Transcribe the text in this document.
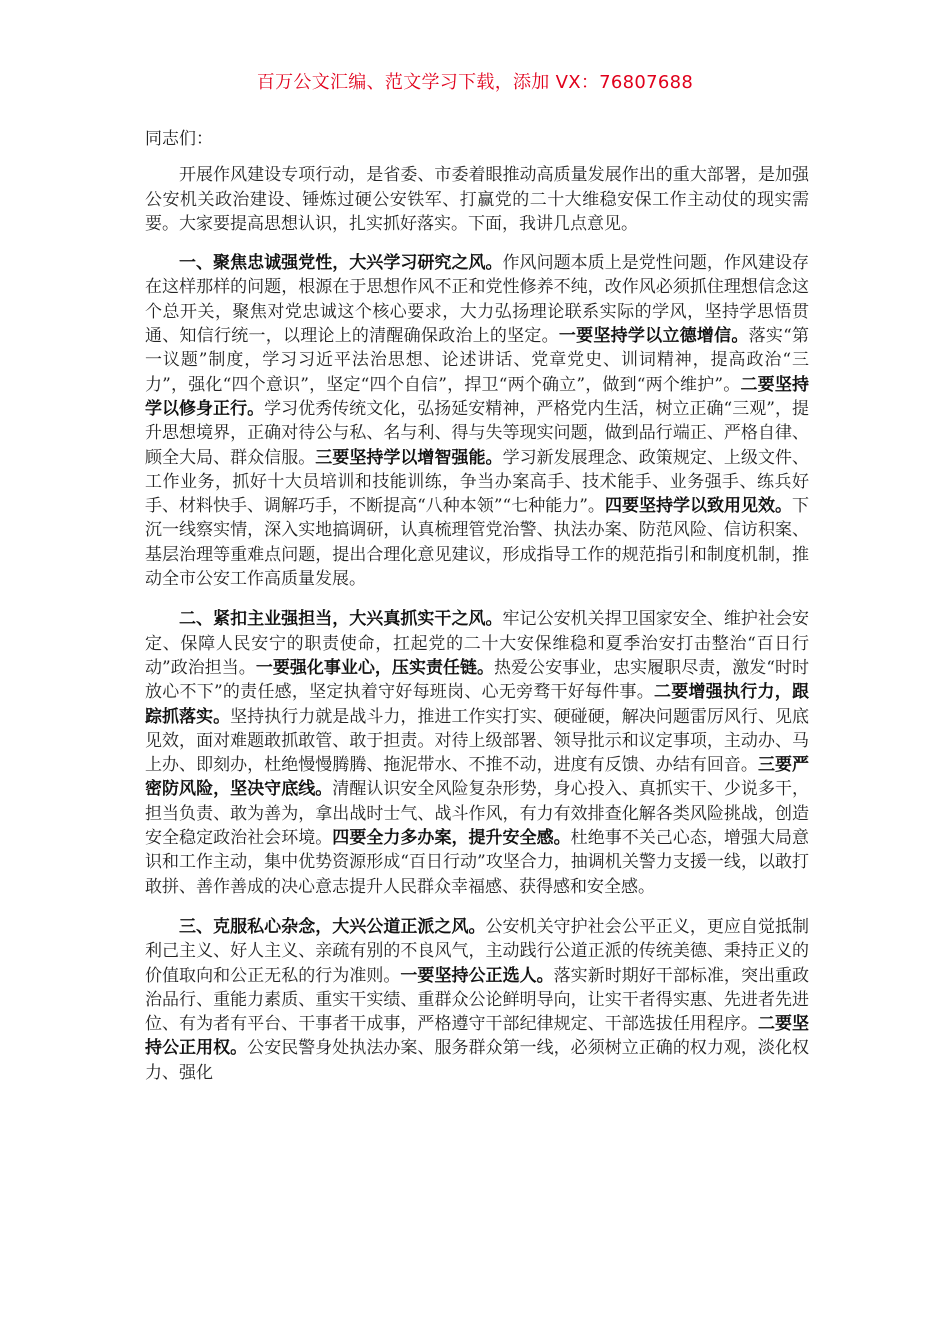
百万公文汇编、范文学习下载，添加 VX：76807688

同志们：

开展作风建设专项行动，是省委、市委着眼推动高质量发展作出的重大部署，是加强公安机关政治建设、锤炼过硬公安铁军、打赢党的二十大维稳安保工作主动仗的现实需要。大家要提高思想认识，扎实抓好落实。下面，我讲几点意见。

一、聚焦忠诚强党性，大兴学习研究之风。作风问题本质上是党性问题，作风建设存在这样那样的问题，根源在于思想作风不正和党性修养不纯，改作风必须抓住理想信念这个总开关，聚焦对党忠诚这个核心要求，大力弘扬理论联系实际的学风，坚持学思悟贯通、知信行统一，以理论上的清醒确保政治上的坚定。一要坚持学以立德增信。落实“第一议题”制度，学习习近平法治思想、论述讲话、党章党史、训词精神，提高政治“三力”，强化“四个意识”，坚定“四个自信”，捍卫“两个确立”，做到“两个维护”。二要坚持学以修身正行。学习优秀传统文化，弘扬延安精神，严格党内生活，树立正确“三观”，提升思想境界，正确对待公与私、名与利、得与失等现实问题，做到品行端正、严格自律、顾全大局、群众信服。三要坚持学以增智强能。学习新发展理念、政策规定、上级文件、工作业务，抓好十大员培训和技能训练，争当办案高手、技术能手、业务强手、练兵好手、材料快手、调解巧手，不断提高“八种本领”“七种能力”。四要坚持学以致用见效。下沉一线察实情，深入实地搞调研，认真梳理管党治警、执法办案、防范风险、信访积案、基层治理等重难点问题，提出合理化意见建议，形成指导工作的规范指引和制度机制，推动全市公安工作高质量发展。

二、紧扣主业强担当，大兴真抓实干之风。牢记公安机关捍卫国家安全、维护社会安定、保障人民安宁的职责使命，扛起党的二十大安保维稳和夏季治安打击整治“百日行动”政治担当。一要强化事业心，压实责任链。热爱公安事业，忠实履职尽责，激发“时时放心不下”的责任感，坚定执着守好每班岗、心无旁骛干好每件事。二要增强执行力，跟踪抓落实。坚持执行力就是战斗力，推进工作实打实、硬碰硬，解决问题雷厉风行、见底见效，面对难题敢抓敢管、敢于担责。对待上级部署、领导批示和议定事项，主动办、马上办、即刻办，杜绝慢慢腾腾、拖泥带水、不推不动，进度有反馈、办结有回音。三要严密防风险，坚决守底线。清醒认识安全风险复杂形势，身心投入、真抓实干、少说多干，担当负责、敢为善为，拿出战时士气、战斗作风，有力有效排查化解各类风险挑战，创造安全稳定政治社会环境。四要全力多办案，提升安全感。杜绝事不关己心态，增强大局意识和工作主动，集中优势资源形成“百日行动”攻坚合力，抽调机关警力支援一线，以敢打敢拼、善作善成的决心意志提升人民群众幸福感、获得感和安全感。

三、克服私心杂念，大兴公道正派之风。公安机关守护社会公平正义，更应自觉抵制利己主义、好人主义、亲疏有别的不良风气，主动践行公道正派的传统美德、秉持正义的价值取向和公正无私的行为准则。一要坚持公正选人。落实新时期好干部标准，突出重政治品行、重能力素质、重实干实绩、重群众公论鲜明导向，让实干者得实惠、先进者先进位、有为者有平台、干事者干成事，严格遵守干部纪律规定、干部选拔任用程序。二要坚持公正用权。公安民警身处执法办案、服务群众第一线，必须树立正确的权力观，淡化权力、强化
